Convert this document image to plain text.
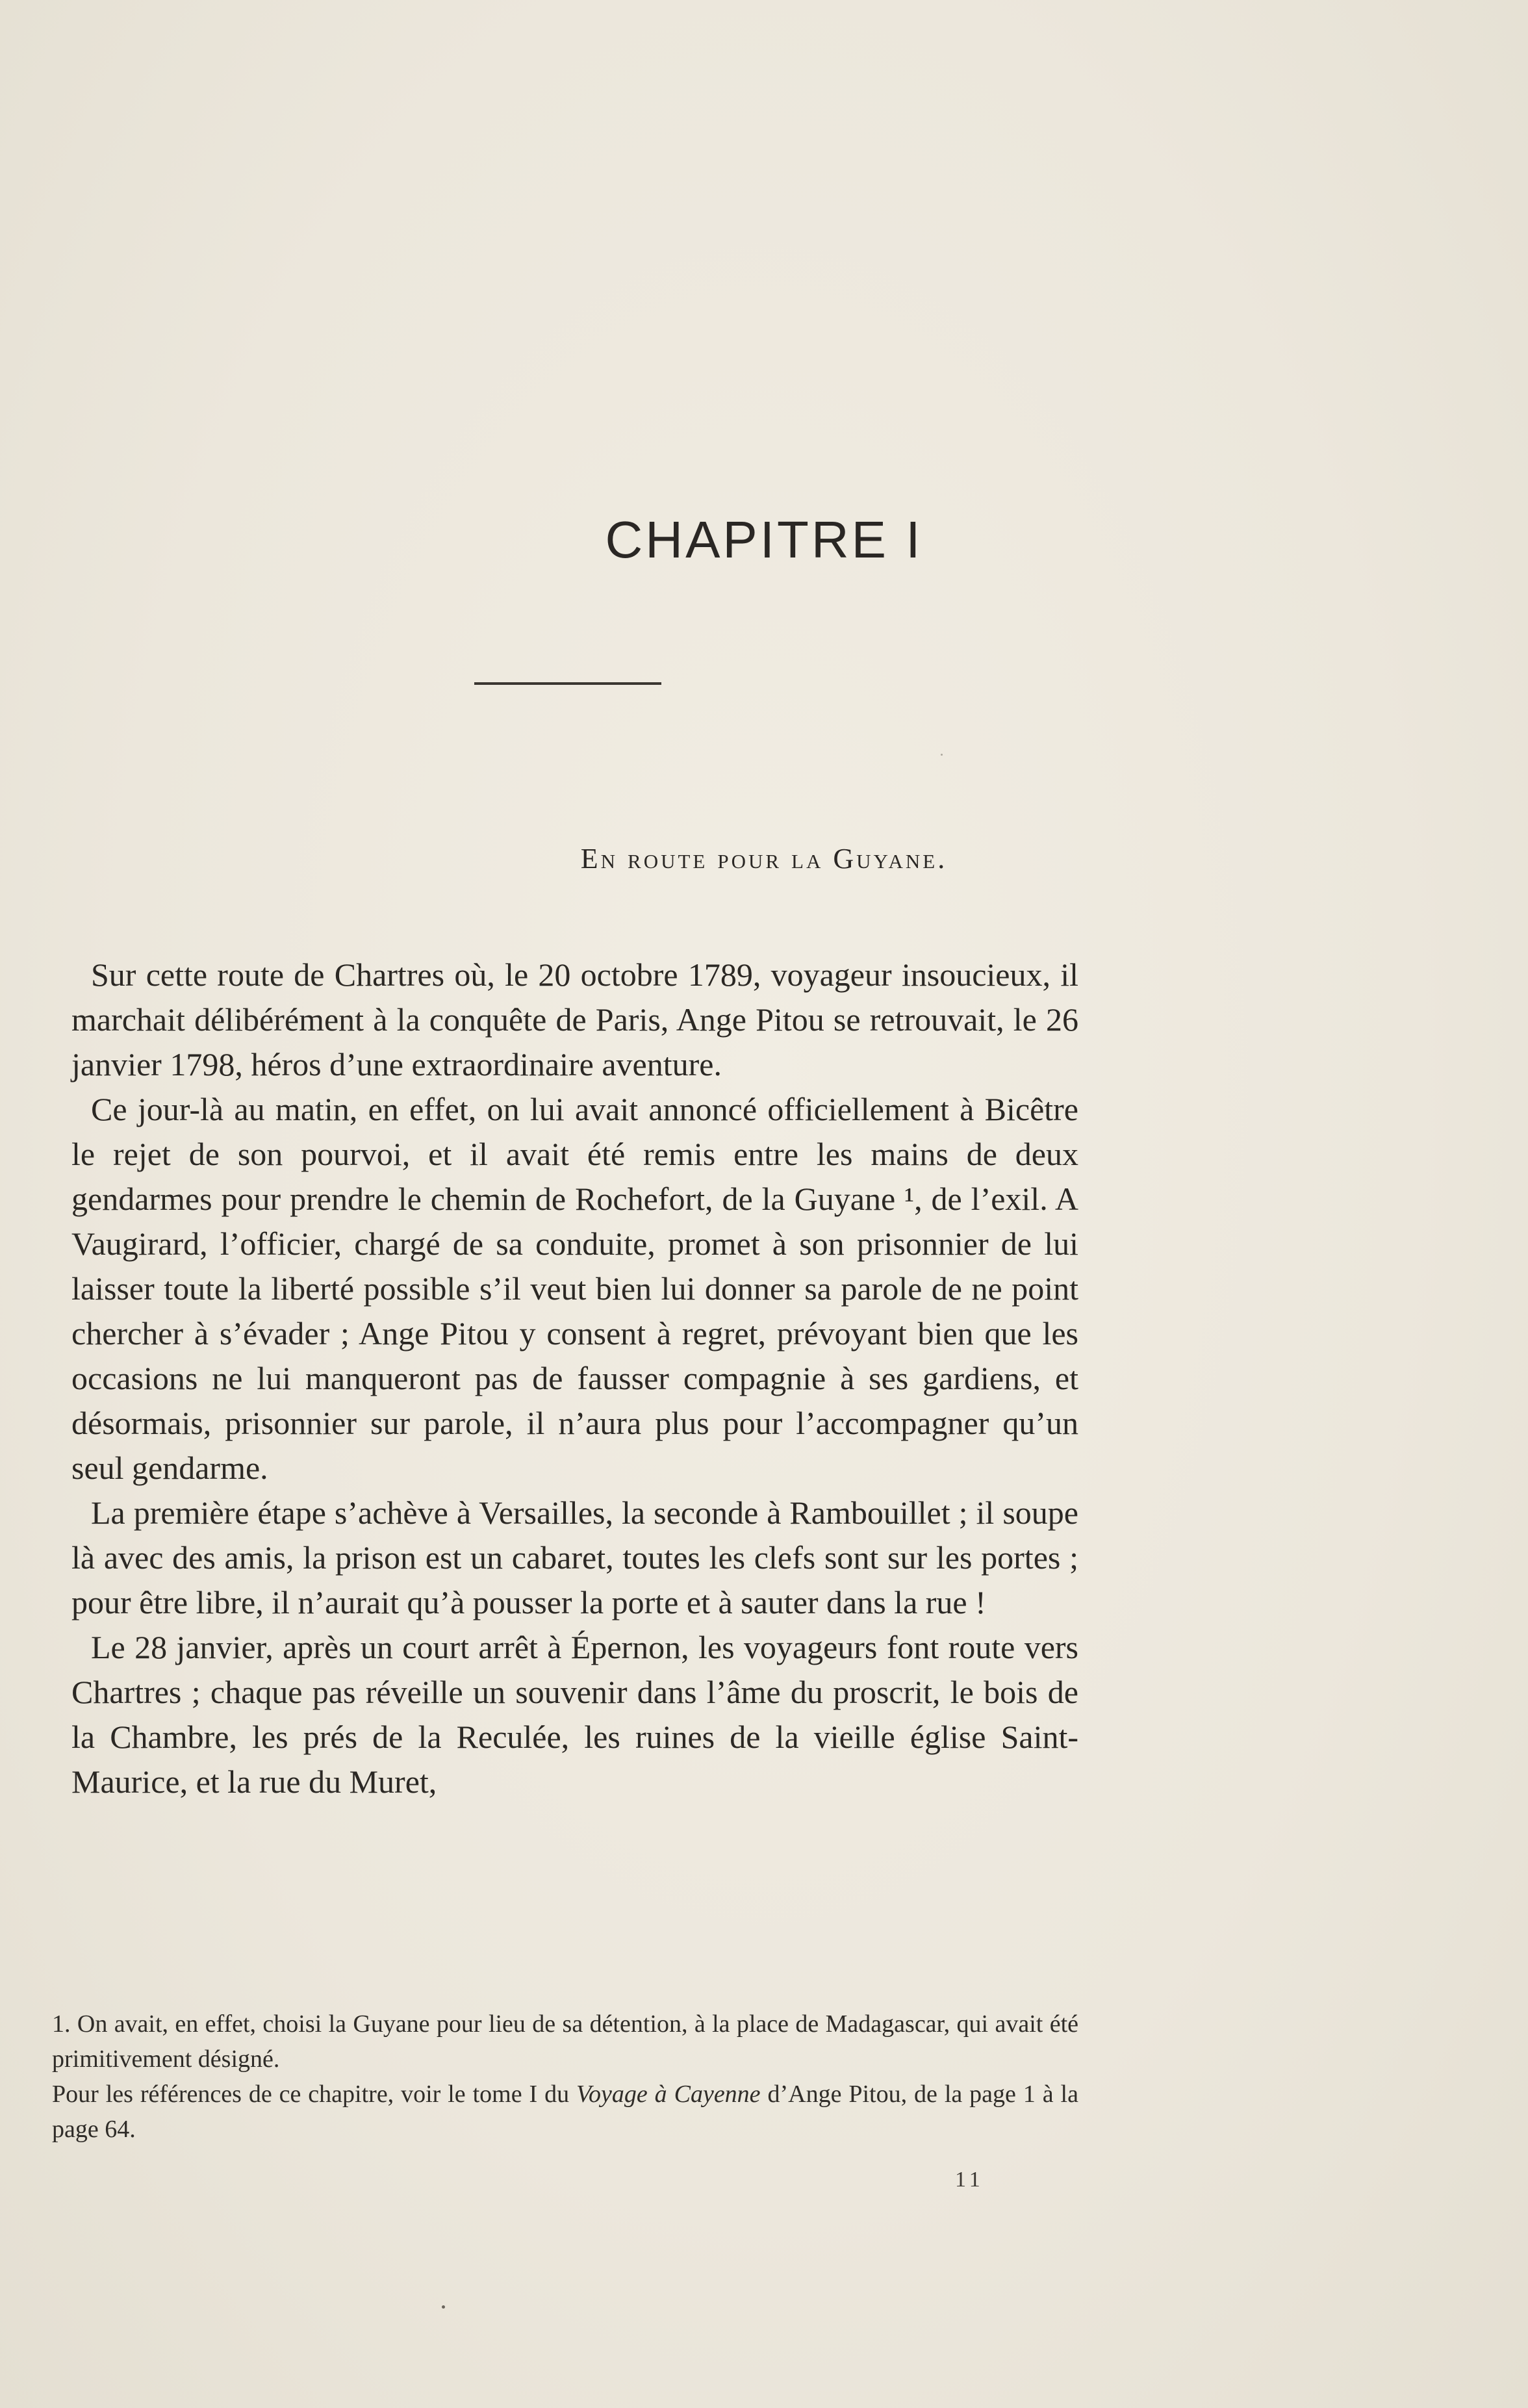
CHAPITRE I
En route pour la Guyane.

Sur cette route de Chartres où, le 20 octobre 1789, voyageur insoucieux, il marchait délibérément à la conquête de Paris, Ange Pitou se retrouvait, le 26 janvier 1798, héros d’une extraordinaire aventure.

Ce jour-là au matin, en effet, on lui avait annoncé officiellement à Bicêtre le rejet de son pourvoi, et il avait été remis entre les mains de deux gendarmes pour prendre le chemin de Rochefort, de la Guyane ¹, de l’exil. A Vaugirard, l’officier, chargé de sa conduite, promet à son prisonnier de lui laisser toute la liberté possible s’il veut bien lui donner sa parole de ne point chercher à s’évader ; Ange Pitou y consent à regret, prévoyant bien que les occasions ne lui manqueront pas de fausser compagnie à ses gardiens, et désormais, prisonnier sur parole, il n’aura plus pour l’accompagner qu’un seul gendarme.

La première étape s’achève à Versailles, la seconde à Rambouillet ; il soupe là avec des amis, la prison est un cabaret, toutes les clefs sont sur les portes ; pour être libre, il n’aurait qu’à pousser la porte et à sauter dans la rue !

Le 28 janvier, après un court arrêt à Épernon, les voyageurs font route vers Chartres ; chaque pas réveille un souvenir dans l’âme du proscrit, le bois de la Chambre, les prés de la Reculée, les ruines de la vieille église Saint-Maurice, et la rue du Muret,

1. On avait, en effet, choisi la Guyane pour lieu de sa détention, à la place de Madagascar, qui avait été primitivement désigné.

Pour les références de ce chapitre, voir le tome I du Voyage à Cayenne d’Ange Pitou, de la page 1 à la page 64.

11
